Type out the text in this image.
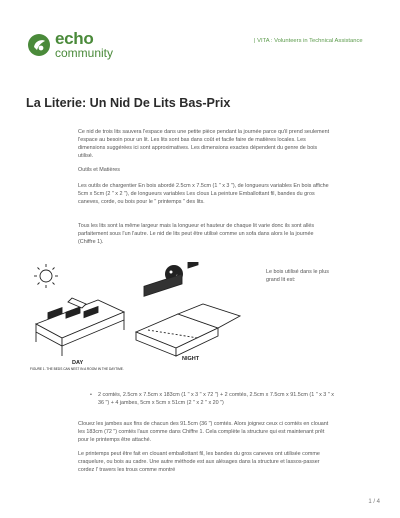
echo
community
| VITA : Volunteers in Technical Assistance
La Literie: Un Nid De Lits Bas-Prix

Ce nid de trois lits sauvera l'espace dans une petite pièce pendant la journée parce qu'il prend seulement l'espace au besoin pour un lit. Les lits sont bas dans coût et facile faire de matières locales. Les dimensions suggérées ici sont approximatives. Les dimensions exactes dépendent du genre de bois utilisé.

Outils et Matières

Les outils de chargentier En bois abordé 2.5cm x 7.5cm (1 " x 3 "), de longueurs variables En bois affiche 5cm x 5cm (2 " x 2 "), de longueurs variables Les clous La peinture Emballottant fil, bandes du gros caneves, corde, ou bois pour le " printemps " des lits.

Tous les lits sont la même largeur mais la longueur et hauteur de chaque lit varie donc ils sont allés parfaitement sous l'un l'autre. Le nid de lits peut être utilisé comme un sofa dans alors le la journée (Chiffre 1).

DAY
NIGHT
FIGURE 1. THE BEDS CAN NEST IN A ROOM IN THE DAYTIME.

Le bois utilisé dans le plus grand lit est:

• 2 comtés, 2.5cm x 7.5cm x 183cm (1 " x 3 " x 72 ") + 2 comtés, 2.5cm x 7.5cm x 91.5cm (1 " x 3 " x 36 ") + 4 jambes, 5cm x 5cm x 51cm (2 " x 2 " x 20 ")

Clouez les jambes aux fins de chacun des 91.5cm (36 ") comtés. Alors joignez ceux ci comtés en clouant les 183cm (72 ") comtés l'aux comme dans Chiffre 1. Cela complète la structure qui est maintenant prêt pour le printemps être attaché.

Le printemps peut être fait en clouant emballottant fil, les bandes du gros caneves ont utilisée comme craquelure, ou bois au cadre. Une autre méthode est aux alésages dans la structure et lassos-passer cordez l' travers les trous comme montré

1 / 4
